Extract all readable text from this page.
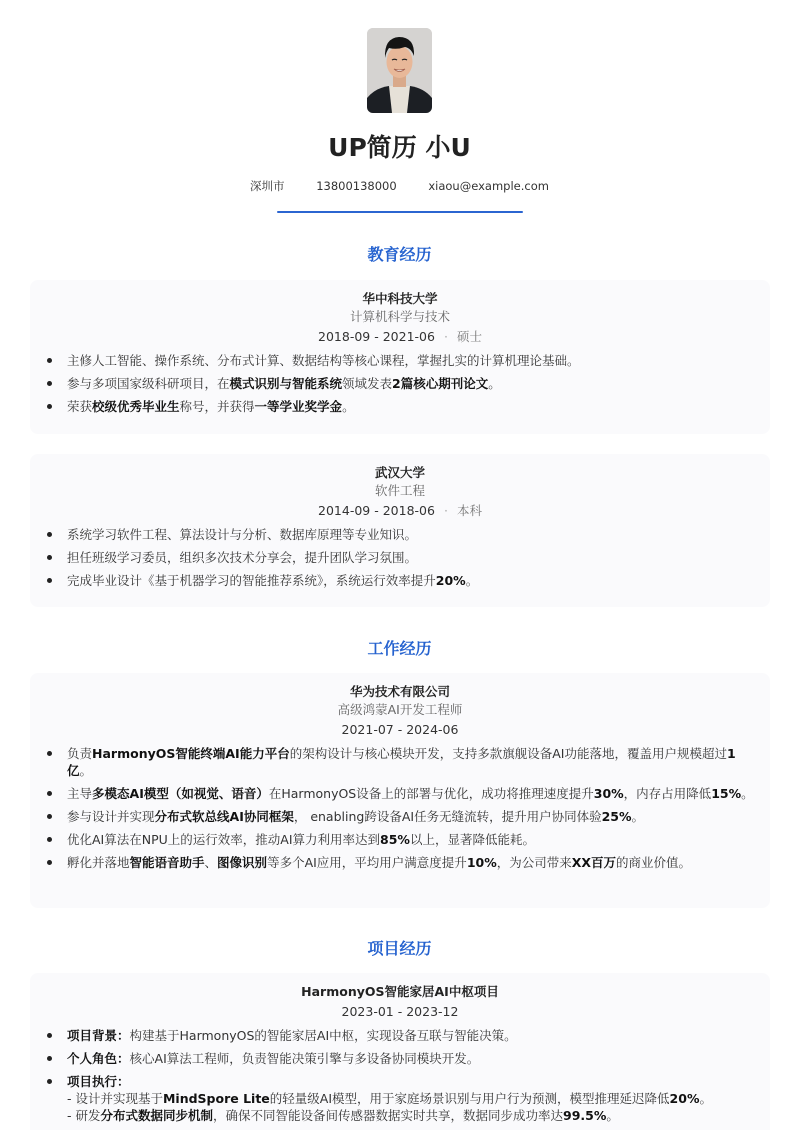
UP简历 小U
深圳市	13800138000	xiaou@example.com
教育经历
华中科技大学
计算机科学与技术
2018-09 - 2021-06 · 硕士
主修人工智能、操作系统、分布式计算、数据结构等核心课程，掌握扎实的计算机理论基础。
参与多项国家级科研项目，在模式识别与智能系统领域发表2篇核心期刊论文。
荣获校级优秀毕业生称号，并获得一等学业奖学金。
武汉大学
软件工程
2014-09 - 2018-06 · 本科
系统学习软件工程、算法设计与分析、数据库原理等专业知识。
担任班级学习委员，组织多次技术分享会，提升团队学习氛围。
完成毕业设计《基于机器学习的智能推荐系统》，系统运行效率提升20%。
工作经历
华为技术有限公司
高级鸿蒙AI开发工程师
2021-07 - 2024-06
负责HarmonyOS智能终端AI能力平台的架构设计与核心模块开发，支持多款旗舰设备AI功能落地，覆盖用户规模超过1亿。
主导多模态AI模型（如视觉、语音）在HarmonyOS设备上的部署与优化，成功将推理速度提升30%，内存占用降低15%。
参与设计并实现分布式软总线AI协同框架， enabling跨设备AI任务无缝流转，提升用户协同体验25%。
优化AI算法在NPU上的运行效率，推动AI算力利用率达到85%以上，显著降低能耗。
孵化并落地智能语音助手、图像识别等多个AI应用，平均用户满意度提升10%，为公司带来XX百万的商业价值。
项目经历
HarmonyOS智能家居AI中枢项目
2023-01 - 2023-12
项目背景：构建基于HarmonyOS的智能家居AI中枢，实现设备互联与智能决策。
个人角色：核心AI算法工程师，负责智能决策引擎与多设备协同模块开发。
项目执行：
- 设计并实现基于MindSpore Lite的轻量级AI模型，用于家庭场景识别与用户行为预测，模型推理延迟降低20%。
- 研发分布式数据同步机制，确保不同智能设备间传感器数据实时共享，数据同步成功率达99.5%。
